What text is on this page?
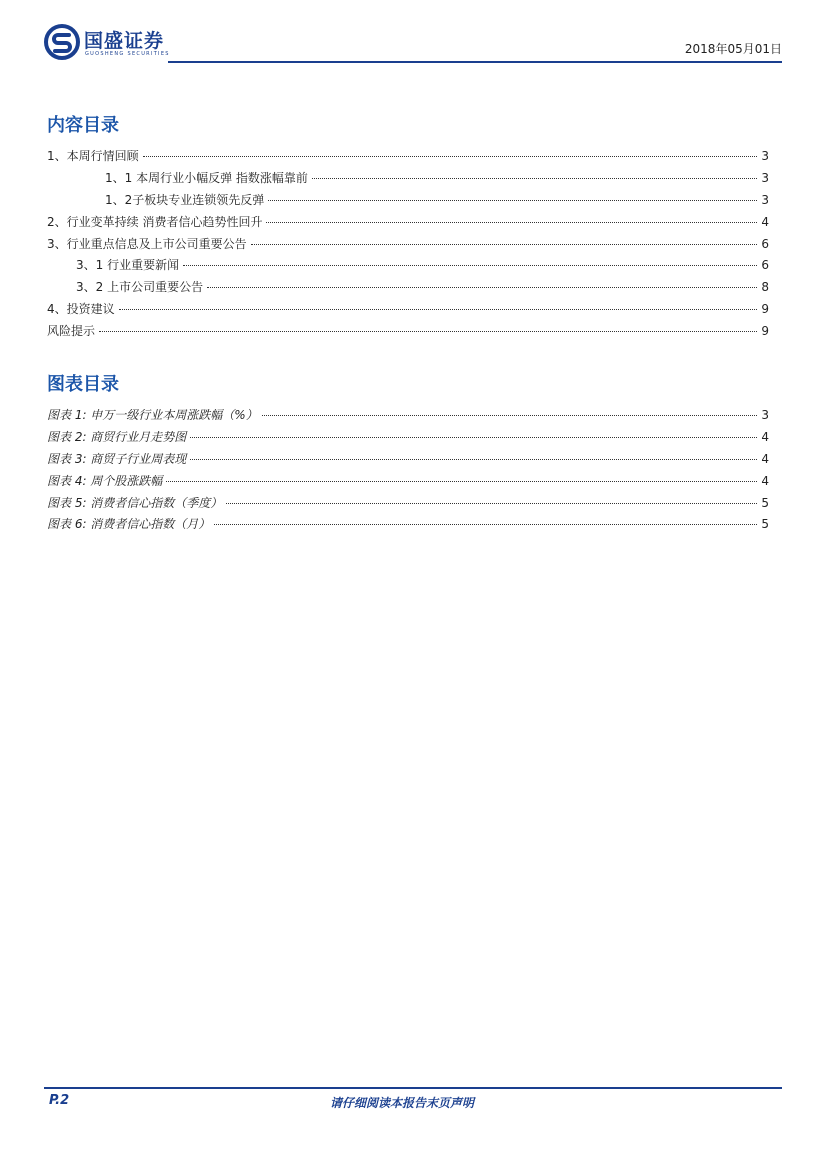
国盛证券
GUOSHENG SECURITIES	2018年05月01日
内容目录
1、本周行情回顾	3
1、1 本周行业小幅反弹 指数涨幅靠前	3
1、2子板块专业连锁领先反弹	3
2、行业变革持续 消费者信心趋势性回升	4
3、行业重点信息及上市公司重要公告	6
3、1 行业重要新闻	6
3、2 上市公司重要公告	8
4、投资建议	9
风险提示	9
图表目录
图表 1: 申万一级行业本周涨跌幅（%）	3
图表 2: 商贸行业月走势图	4
图表 3: 商贸子行业周表现	4
图表 4: 周个股涨跌幅	4
图表 5: 消费者信心指数（季度）	5
图表 6: 消费者信心指数（月）	5
P.2	请仔细阅读本报告末页声明
